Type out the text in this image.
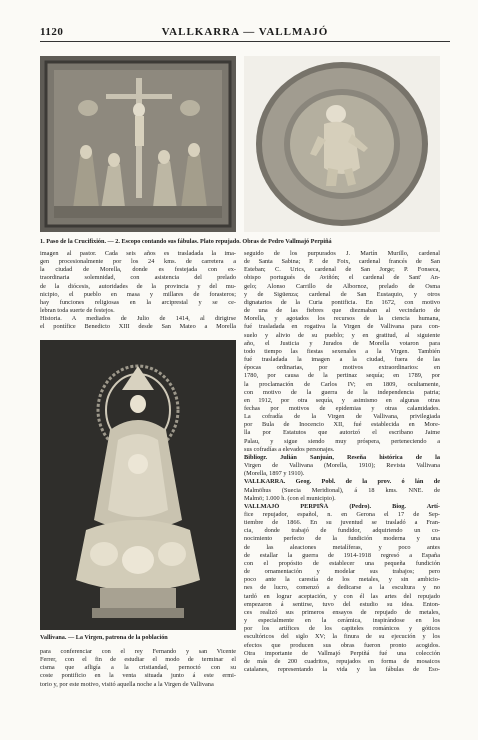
1120	VALLKARRA — VALLMAJÓ
1. Paso de la Crucifixión. — 2. Escopo contando sus fábulas. Plato repujado. Obras de Pedro Vallmajó Perpiñá
imagen al pastor. Cada seis años es trasladada la ima-
gen procesionalmente por los 24 kms. de carretera a
la ciudad de Morella, donde es festejada con ex-
traordinaria solemnidad, con asistencia del prelado
de la diócesis, autoridades de la provincia y del mu-
nicipio, el pueblo en masa y millares de forasteros;
hay funciones religiosas en la arciprestal y se ce-
lebran toda suerte de festejos.
Historia. A mediados de Julio de 1414, al dirigirse
el pontífice Benedicto XIII desde San Mateo a Morella
Vallivana. — La Virgen, patrona de la población
para conferenciar con el rey Fernando y san Vicente
Ferrer, con el fin de estudiar el modo de terminar el
cisma que afligía a la cristiandad, pernoctó con su
coste pontificio en la venta situada junto á este ermi-
torio y, por este motivo, visitó aquella noche a la Virgen de Vallivana
seguido de los purpurados J. Martín Murillo, cardenal
de Santa Sabina; P. de Foix, cardenal francés de San
Esteban; C. Urics, cardenal de San Jorge; P. Fonseca,
obispo portugués de Aviñón; el cardenal de Sant' An-
gelo; Alonso Carrillo de Albornoz, prelado de Osma
y de Sigüenza; cardenal de San Eustaquio, y otros
dignatarios de la Curia pontificia. En 1672, con motivo
de una de las fiebres que diezmaban al vecindario de
Morella, y agotados los recursos de la ciencia humana,
fué trasladada en rogativa la Virgen de Vallivana para con-
suelo y alivio de su pueblo; y en gratitud, al siguiente
año, el Justicia y Jurados de Morella votaron para
todo tiempo las fiestas sexenales a la Virgen. También
fué trasladada la imagen a la ciudad, fuera de las
épocas ordinarias, por motivos extraordinarios: en
1780, por causa de la pertinaz sequía; en 1789, por
la proclamación de Carlos IV; en 1809, ocultamente,
con motivo de la guerra de la independencia patria;
en 1912, por otra sequía, y asimismo en algunas otras
fechas por motivos de epidemias y otras calamidades.
La cofradía de la Virgen de Vallivana, privilegiada
por Bula de Inocencio XII, fué establecida en More-
lla por Estatutos que autorizó el escribano Jaime
Palau, y sigue siendo muy próspera, perteneciendo a
sus cofradías a elevados personajes.
Bibliogr. Julián Sanjuán, Reseña histórica de la
Virgen de Vallivana (Morella, 1910); Revista Vallivana
(Morella, 1897 y 1910).
VALLKARRA. Geog. Pobl. de la prov. ó lán de
Malmöhus (Suecia Meridional), á 18 kms. NNE. de
Malmö; 1.000 h. (con el municipio).
VALLMAJÓ PERPIÑÁ (Pedro). Biog. Artí-
fice repujador, español, n. en Gerona el 17 de Sep-
tiembre de 1866. En su juventud se trasladó a Fran-
cia, donde trabajó de fundidor, adquiriendo un co-
nocimiento perfecto de la fundición moderna y una
de las aleaciones metalíferas, y poco antes
de estallar la guerra de 1914-1918 regresó a España
con el propósito de establecer una pequeña fundición
de ornamentación y modelar sus trabajos; pero
poco ante la carestía de los metales, y sin ambicio-
nes de lucro, comenzó a dedicarse a la escultura y no
tardó en lograr aceptación, y con él las artes del repujado
empezaron á sentirse, tuvo del estudio su idea. Enton-
ces realizó sus primeros ensayos de repujado de metales,
y especialmente en la cerámica, inspirándose en los
por los artífices de los capiteles románicos y góticos
escultóricos del siglo XV; la finura de su ejecución y los
efectos que producen sus obras fueron pronto acogidos.
Otra importante de Vallmajó Perpiñá fué una colección
de más de 200 cuadritos, repujados en forma de mosaicos
catalanes, representando la vida y las fábulas de Eso-
